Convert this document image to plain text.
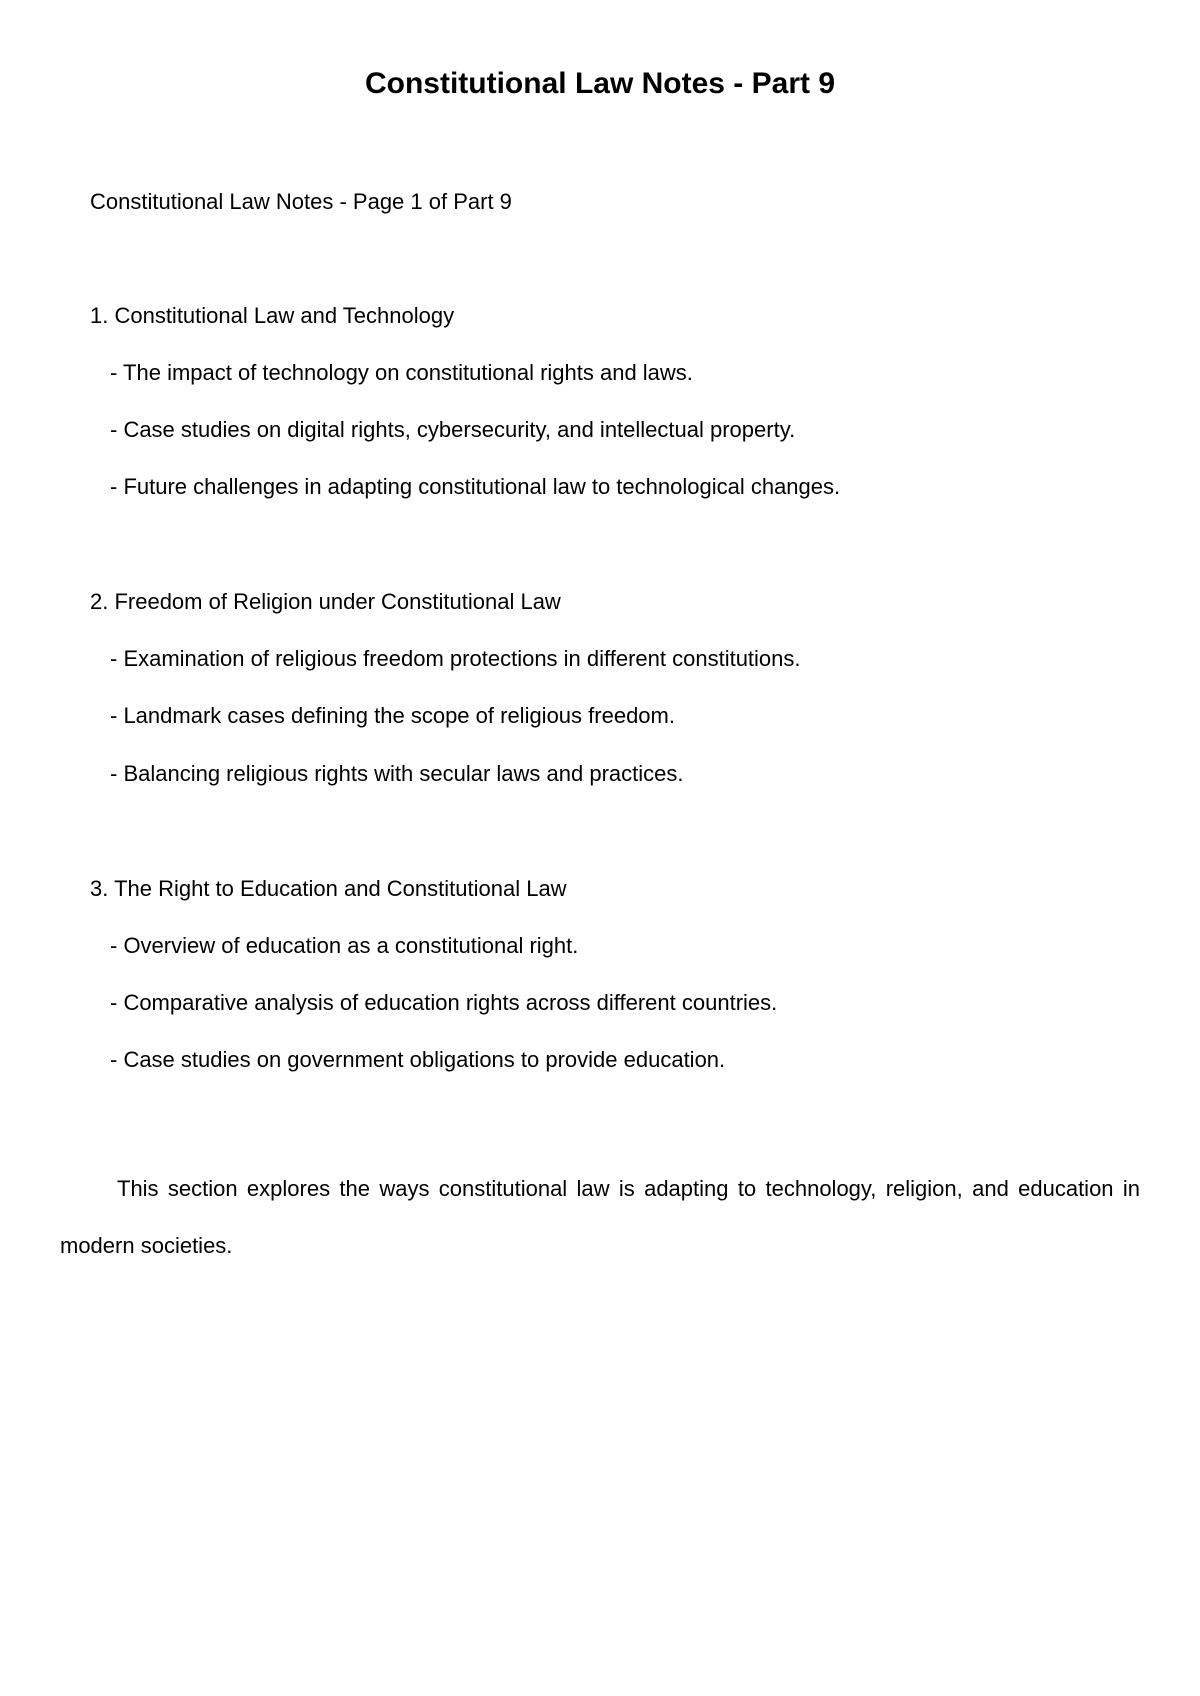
Constitutional Law Notes - Part 9
Constitutional Law Notes - Page 1 of Part 9
1. Constitutional Law and Technology
- The impact of technology on constitutional rights and laws.
- Case studies on digital rights, cybersecurity, and intellectual property.
- Future challenges in adapting constitutional law to technological changes.
2. Freedom of Religion under Constitutional Law
- Examination of religious freedom protections in different constitutions.
- Landmark cases defining the scope of religious freedom.
- Balancing religious rights with secular laws and practices.
3. The Right to Education and Constitutional Law
- Overview of education as a constitutional right.
- Comparative analysis of education rights across different countries.
- Case studies on government obligations to provide education.
This section explores the ways constitutional law is adapting to technology, religion, and education in modern societies.
